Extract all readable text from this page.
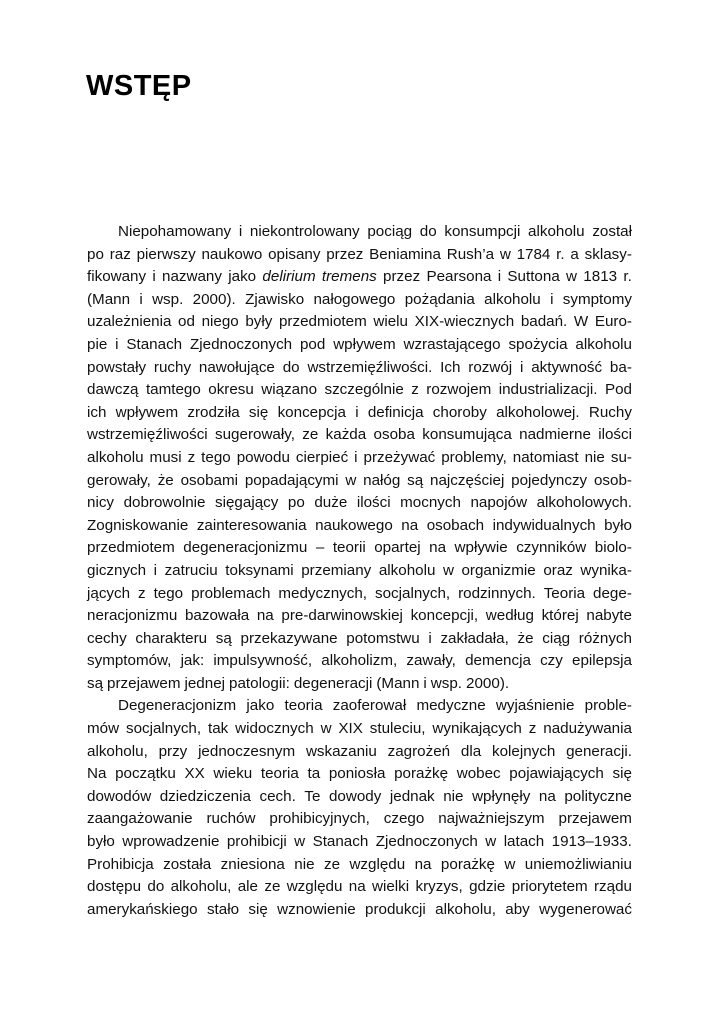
WSTĘP
Niepohamowany i niekontrolowany pociąg do konsumpcji alkoholu został
po raz pierwszy naukowo opisany przez Beniamina Rush’a w 1784 r. a sklasy-
fikowany i nazwany jako delirium tremens przez Pearsona i Suttona w 1813 r.
(Mann i wsp. 2000). Zjawisko nałogowego pożądania alkoholu i symptomy
uzależnienia od niego były przedmiotem wielu XIX-wiecznych badań. W Euro-
pie i Stanach Zjednoczonych pod wpływem wzrastającego spożycia alkoholu
powstały ruchy nawołujące do wstrzemięźliwości. Ich rozwój i aktywność ba-
dawczą tamtego okresu wiązano szczególnie z rozwojem industrializacji. Pod
ich wpływem zrodziła się koncepcja i definicja choroby alkoholowej. Ruchy
wstrzemięźliwości sugerowały, ze każda osoba konsumująca nadmierne ilości
alkoholu musi z tego powodu cierpieć i przeżywać problemy, natomiast nie su-
gerowały, że osobami popadającymi w nałóg są najczęściej pojedynczy osob-
nicy dobrowolnie sięgający po duże ilości mocnych napojów alkoholowych.
Zogniskowanie zainteresowania naukowego na osobach indywidualnych było
przedmiotem degeneracjonizmu – teorii opartej na wpływie czynników biolo-
gicznych i zatruciu toksynami przemiany alkoholu w organizmie oraz wynika-
jących z tego problemach medycznych, socjalnych, rodzinnych. Teoria dege-
neracjonizmu bazowała na pre-darwinowskiej koncepcji, według której nabyte
cechy charakteru są przekazywane potomstwu i zakładała, że ciąg różnych
symptomów, jak: impulsywność, alkoholizm, zawały, demencja czy epilepsja
są przejawem jednej patologii: degeneracji (Mann i wsp. 2000).
Degeneracjonizm jako teoria zaoferował medyczne wyjaśnienie proble-
mów socjalnych, tak widocznych w XIX stuleciu, wynikających z nadużywania
alkoholu, przy jednoczesnym wskazaniu zagrożeń dla kolejnych generacji.
Na początku XX wieku teoria ta poniosła porażkę wobec pojawiających się
dowodów dziedziczenia cech. Te dowody jednak nie wpłynęły na polityczne
zaangażowanie ruchów prohibicyjnych, czego najważniejszym przejawem
było wprowadzenie prohibicji w Stanach Zjednoczonych w latach 1913–1933.
Prohibicja została zniesiona nie ze względu na porażkę w uniemożliwianiu
dostępu do alkoholu, ale ze względu na wielki kryzys, gdzie priorytetem rządu
amerykańskiego stało się wznowienie produkcji alkoholu, aby wygenerować
